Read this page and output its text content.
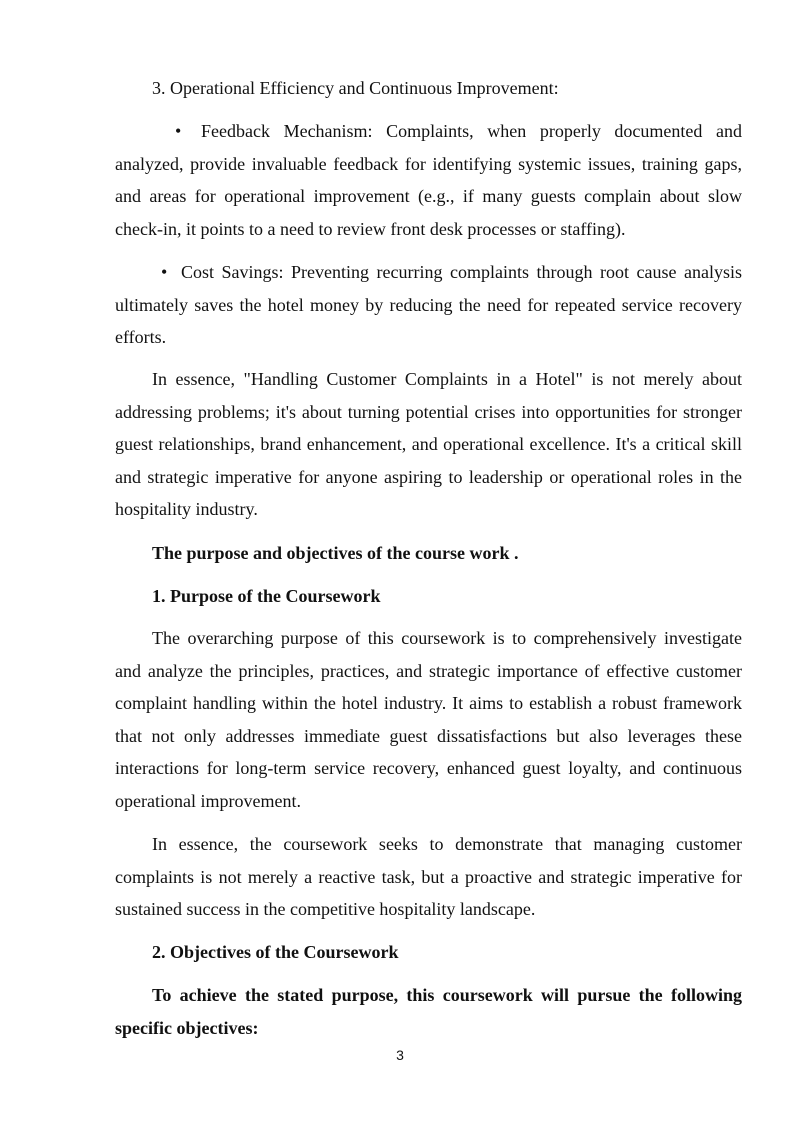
3. Operational Efficiency and Continuous Improvement:

• Feedback Mechanism: Complaints, when properly documented and analyzed, provide invaluable feedback for identifying systemic issues, training gaps, and areas for operational improvement (e.g., if many guests complain about slow check-in, it points to a need to review front desk processes or staffing).

• Cost Savings: Preventing recurring complaints through root cause analysis ultimately saves the hotel money by reducing the need for repeated service recovery efforts.

In essence, "Handling Customer Complaints in a Hotel" is not merely about addressing problems; it's about turning potential crises into opportunities for stronger guest relationships, brand enhancement, and operational excellence. It's a critical skill and strategic imperative for anyone aspiring to leadership or operational roles in the hospitality industry.

The purpose and objectives of the course work .
1. Purpose of the Coursework

The overarching purpose of this coursework is to comprehensively investigate and analyze the principles, practices, and strategic importance of effective customer complaint handling within the hotel industry. It aims to establish a robust framework that not only addresses immediate guest dissatisfactions but also leverages these interactions for long-term service recovery, enhanced guest loyalty, and continuous operational improvement.

In essence, the coursework seeks to demonstrate that managing customer complaints is not merely a reactive task, but a proactive and strategic imperative for sustained success in the competitive hospitality landscape.

2. Objectives of the Coursework

To achieve the stated purpose, this coursework will pursue the following specific objectives:

3
